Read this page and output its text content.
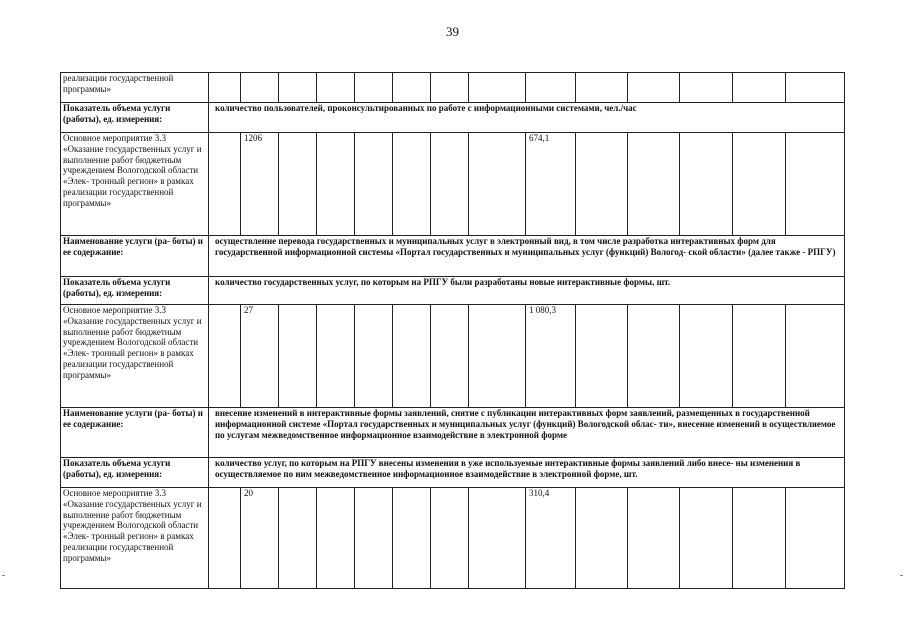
39
реализации государственной программы»														
Показатель объема услуги (работы), ед. измерения:	количество пользователей, проконсультированных по работе с информационными системами, чел./час													
Основное мероприятие 3.3 «Оказание государственных услуг и выполнение работ бюджетным учреждением Вологодской области «Элек- тронный регион» в рамках реализации государственной программы»		1206							674,1					
Наименование услуги (ра- боты) и ее содержание:	осуществление перевода государственных и муниципальных услуг в электронный вид, в том числе разработка интерактивных форм для государственной информационной системы «Портал государственных и муниципальных услуг (функций) Вологод- ской области» (далее также - РПГУ)													
Показатель объема услуги (работы), ед. измерения:	количество государственных услуг, по которым на РПГУ были разработаны новые интерактивные формы, шт.													
Основное мероприятие 3.3 «Оказание государственных услуг и выполнение работ бюджетным учреждением Вологодской области «Элек- тронный регион» в рамках реализации государственной программы»		27							1 080,3					
Наименование услуги (ра- боты) и ее содержание:	внесение изменений в интерактивные формы заявлений, снятие с публикации интерактивных форм заявлений, размещенных в государственной информационной системе «Портал государственных и муниципальных услуг (функций) Вологодской облас- ти», внесение изменений в осуществляемое по услугам межведомственное информационное взаимодействие в электронной форме													
Показатель объема услуги (работы), ед. измерения:	количество услуг, по которым на РПГУ внесены изменения в уже используемые интерактивные формы заявлений либо внесе- ны изменения в осуществляемое по ним межведомственное информационное взаимодействие в электронной форме, шт.													
Основное мероприятие 3.3 «Оказание государственных услуг и выполнение работ бюджетным учреждением Вологодской области «Элек- тронный регион» в рамках реализации государственной программы»		20							310,4					
